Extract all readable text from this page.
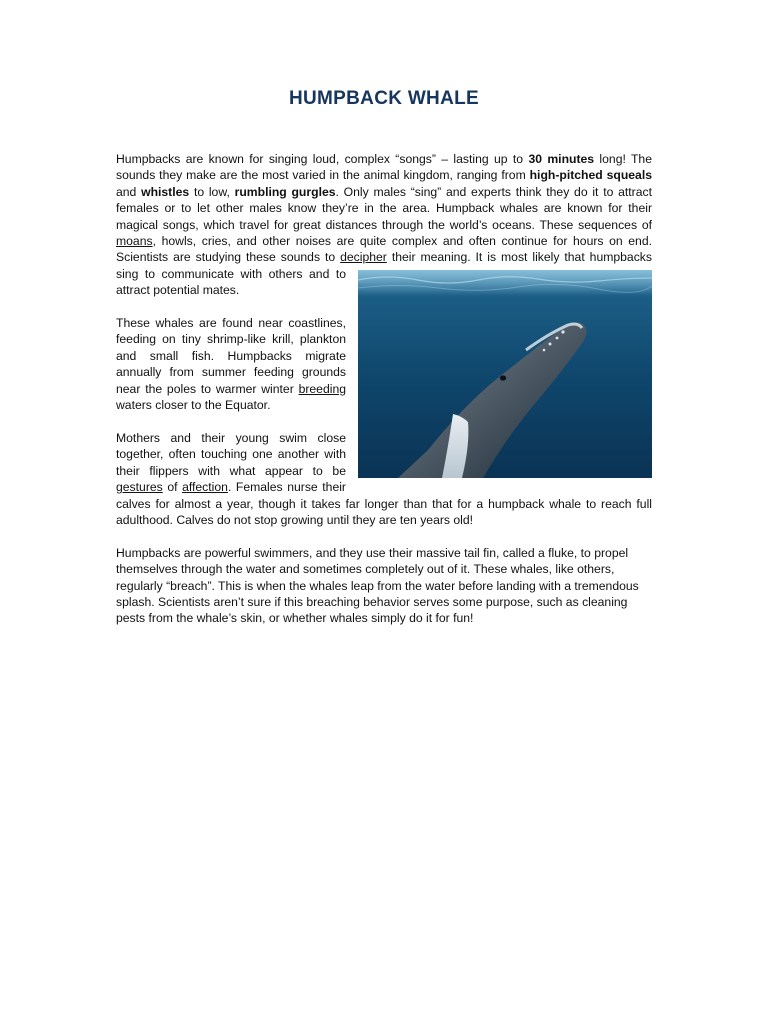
HUMPBACK WHALE

Humpbacks are known for singing loud, complex “songs” – lasting up to 30 minutes long! The sounds they make are the most varied in the animal kingdom, ranging from high-pitched squeals and whistles to low, rumbling gurgles. Only males “sing” and experts think they do it to attract females or to let other males know they’re in the area. Humpback whales are known for their magical songs, which travel for great distances through the world’s oceans. These sequences of moans, howls, cries, and other noises are quite complex and often continue for hours on end. Scientists are studying these sounds to decipher
their meaning. It is most likely that humpbacks sing to communicate with others and to attract potential mates.

These whales are found near coastlines, feeding on tiny shrimp-like krill, plankton and small fish. Humpbacks migrate annually from summer feeding grounds near the poles to warmer winter breeding waters closer to the Equator.

Mothers and their young swim close together, often touching one another with their flippers with what appear to be gestures of affection. Females nurse their calves for almost a year, though it takes far longer than that for a humpback whale to reach full adulthood. Calves do not stop growing until they are ten years old!

Humpbacks are powerful swimmers, and they use their massive tail fin, called a fluke, to propel themselves through the water and sometimes completely out of it. These whales, like others, regularly “breach”. This is when the whales leap from the water before landing with a tremendous splash. Scientists aren’t sure if this breaching behavior serves some purpose, such as cleaning pests from the whale’s skin, or whether whales simply do it for fun!
